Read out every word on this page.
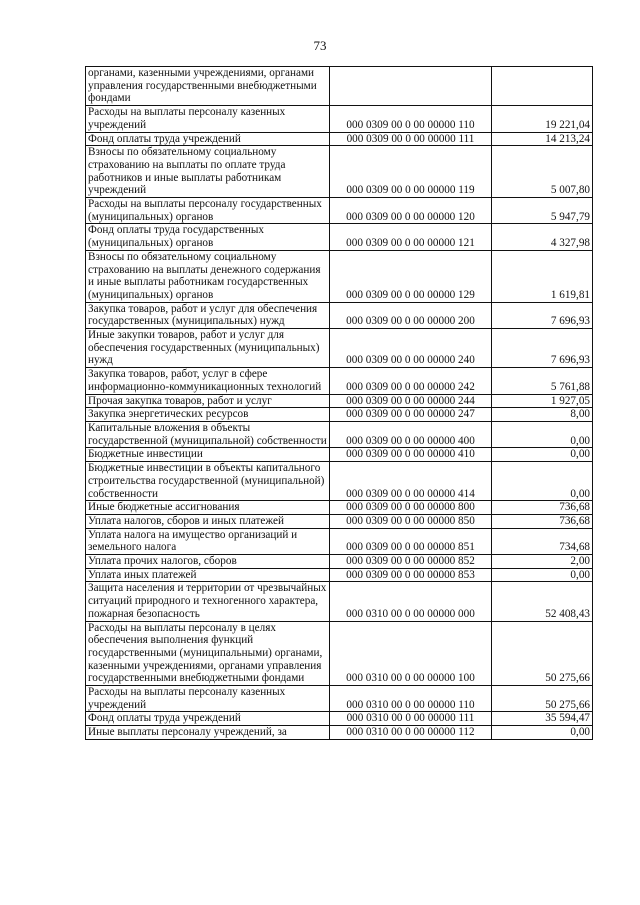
73
органами, казенными учреждениями, органами управления государственными внебюджетными фондами		
Расходы на выплаты персоналу казенных учреждений	000 0309 00 0 00 00000 110	19 221,04
Фонд оплаты труда учреждений	000 0309 00 0 00 00000 111	14 213,24
Взносы по обязательному социальному страхованию на выплаты по оплате труда работников и иные выплаты работникам учреждений	000 0309 00 0 00 00000 119	5 007,80
Расходы на выплаты персоналу государственных (муниципальных) органов	000 0309 00 0 00 00000 120	5 947,79
Фонд оплаты труда государственных (муниципальных) органов	000 0309 00 0 00 00000 121	4 327,98
Взносы по обязательному социальному страхованию на выплаты денежного содержания и иные выплаты работникам государственных (муниципальных) органов	000 0309 00 0 00 00000 129	1 619,81
Закупка товаров, работ и услуг для обеспечения государственных (муниципальных) нужд	000 0309 00 0 00 00000 200	7 696,93
Иные закупки товаров, работ и услуг для обеспечения государственных (муниципальных) нужд	000 0309 00 0 00 00000 240	7 696,93
Закупка товаров, работ, услуг в сфере информационно-коммуникационных технологий	000 0309 00 0 00 00000 242	5 761,88
Прочая закупка товаров, работ и услуг	000 0309 00 0 00 00000 244	1 927,05
Закупка энергетических ресурсов	000 0309 00 0 00 00000 247	8,00
Капитальные вложения в объекты государственной (муниципальной) собственности	000 0309 00 0 00 00000 400	0,00
Бюджетные инвестиции	000 0309 00 0 00 00000 410	0,00
Бюджетные инвестиции в объекты капитального строительства государственной (муниципальной) собственности	000 0309 00 0 00 00000 414	0,00
Иные бюджетные ассигнования	000 0309 00 0 00 00000 800	736,68
Уплата налогов, сборов и иных платежей	000 0309 00 0 00 00000 850	736,68
Уплата налога на имущество организаций и земельного налога	000 0309 00 0 00 00000 851	734,68
Уплата прочих налогов, сборов	000 0309 00 0 00 00000 852	2,00
Уплата иных платежей	000 0309 00 0 00 00000 853	0,00
Защита населения и территории от чрезвычайных ситуаций природного и техногенного характера, пожарная безопасность	000 0310 00 0 00 00000 000	52 408,43
Расходы на выплаты персоналу в целях обеспечения выполнения функций государственными (муниципальными) органами, казенными учреждениями, органами управления государственными внебюджетными фондами	000 0310 00 0 00 00000 100	50 275,66
Расходы на выплаты персоналу казенных учреждений	000 0310 00 0 00 00000 110	50 275,66
Фонд оплаты труда учреждений	000 0310 00 0 00 00000 111	35 594,47
Иные выплаты персоналу учреждений, за	000 0310 00 0 00 00000 112	0,00
